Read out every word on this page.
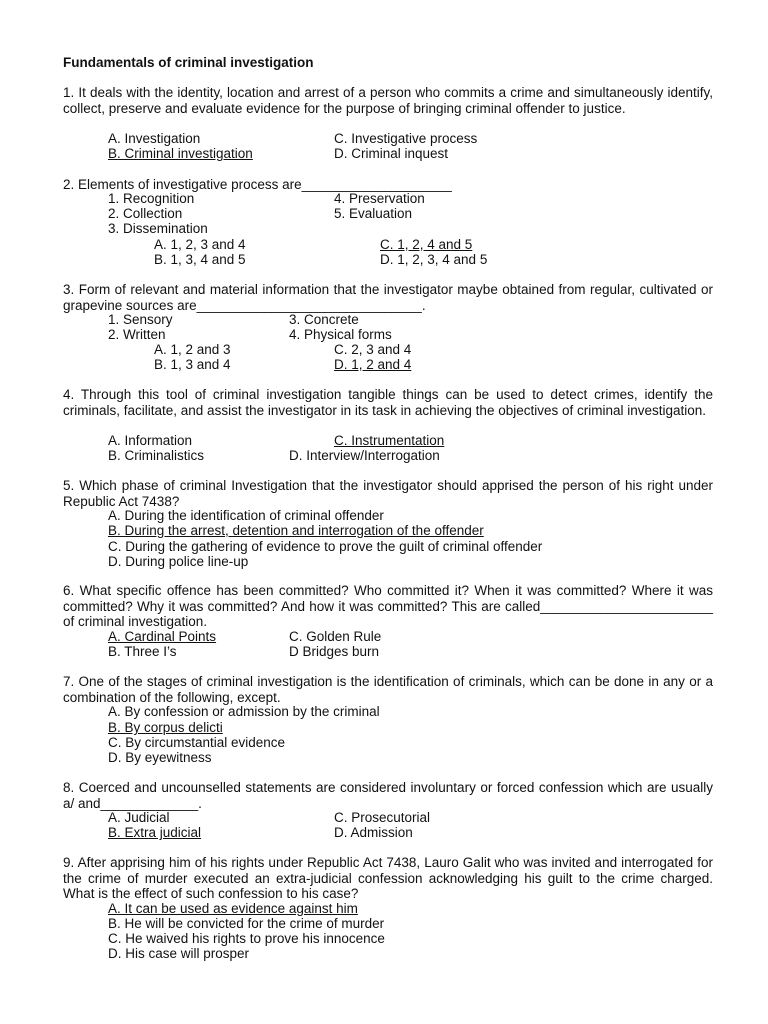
Fundamentals of criminal investigation

1. It deals with the identity, location and arrest of a person who commits a crime and simultaneously identify, collect, preserve and evaluate evidence for the purpose of bringing criminal offender to justice.

A. Investigation	C. Investigative process
B. Criminal investigation	D. Criminal inquest

2. Elements of investigative process are____________________

1. Recognition	4. Preservation
2. Collection	5. Evaluation
3. Dissemination
A. 1, 2, 3 and 4	C. 1, 2, 4 and 5
B. 1, 3, 4 and 5	D. 1, 2, 3, 4 and 5

3. Form of relevant and material information that the investigator maybe obtained from regular, cultivated or grapevine sources are______________________________.

1. Sensory	3. Concrete
2. Written	4. Physical forms
A. 1, 2 and 3	C. 2, 3 and 4
B. 1, 3 and 4	D. 1, 2 and 4

4. Through this tool of criminal investigation tangible things can be used to detect crimes, identify the criminals, facilitate, and assist the investigator in its task in achieving the objectives of criminal investigation.

A. Information	C. Instrumentation
B. Criminalistics	D. Interview/Interrogation

5. Which phase of criminal Investigation that the investigator should apprised the person of his right under Republic Act 7438?

A. During the identification of criminal offender
B. During the arrest, detention and interrogation of the offender
C. During the gathering of evidence to prove the guilt of criminal offender
D. During police line-up

6. What specific offence has been committed? Who committed it? When it was committed? Where it was committed? Why it was committed? And how it was committed? This are called_______________________ of criminal investigation.

A. Cardinal Points	C. Golden Rule
B. Three I’s	D Bridges burn

7. One of the stages of criminal investigation is the identification of criminals, which can be done in any or a combination of the following, except.

A. By confession or admission by the criminal
B. By corpus delicti
C. By circumstantial evidence
D. By eyewitness

8. Coerced and uncounselled statements are considered involuntary or forced confession which are usually a/ and_____________.

A. Judicial	C. Prosecutorial
B. Extra judicial	D. Admission

9. After apprising him of his rights under Republic Act 7438, Lauro Galit who was invited and interrogated for the crime of murder executed an extra-judicial confession acknowledging his guilt to the crime charged. What is the effect of such confession to his case?

A. It can be used as evidence against him
B. He will be convicted for the crime of murder
C. He waived his rights to prove his innocence
D. His case will prosper
